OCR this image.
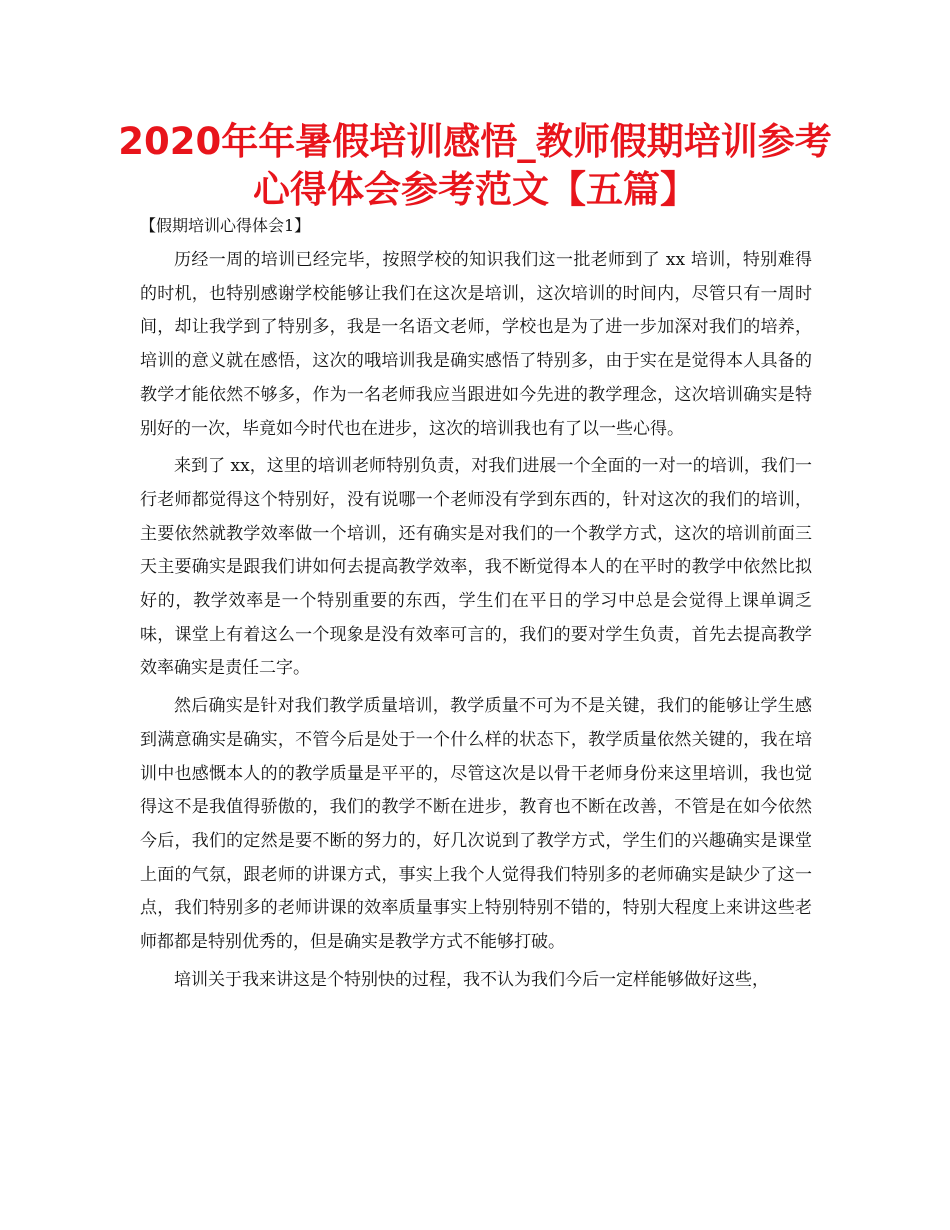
2020年年暑假培训感悟_教师假期培训参考心得体会参考范文【五篇】
【假期培训心得体会1】

历经一周的培训已经完毕，按照学校的知识我们这一批老师到了 xx 培训，特别难得的时机，也特别感谢学校能够让我们在这次是培训，这次培训的时间内，尽管只有一周时间，却让我学到了特别多，我是一名语文老师，学校也是为了进一步加深对我们的培养，培训的意义就在感悟，这次的哦培训我是确实感悟了特别多，由于实在是觉得本人具备的教学才能依然不够多，作为一名老师我应当跟进如今先进的教学理念，这次培训确实是特别好的一次，毕竟如今时代也在进步，这次的培训我也有了以一些心得。

来到了 xx，这里的培训老师特别负责，对我们进展一个全面的一对一的培训，我们一行老师都觉得这个特别好，没有说哪一个老师没有学到东西的，针对这次的我们的培训，主要依然就教学效率做一个培训，还有确实是对我们的一个教学方式，这次的培训前面三天主要确实是跟我们讲如何去提高教学效率，我不断觉得本人的在平时的教学中依然比拟好的，教学效率是一个特别重要的东西，学生们在平日的学习中总是会觉得上课单调乏味，课堂上有着这么一个现象是没有效率可言的，我们的要对学生负责，首先去提高教学效率确实是责任二字。

然后确实是针对我们教学质量培训，教学质量不可为不是关键，我们的能够让学生感到满意确实是确实，不管今后是处于一个什么样的状态下，教学质量依然关键的，我在培训中也感慨本人的的教学质量是平平的，尽管这次是以骨干老师身份来这里培训，我也觉得这不是我值得骄傲的，我们的教学不断在进步，教育也不断在改善，不管是在如今依然今后，我们的定然是要不断的努力的，好几次说到了教学方式，学生们的兴趣确实是课堂上面的气氛，跟老师的讲课方式，事实上我个人觉得我们特别多的老师确实是缺少了这一点，我们特别多的老师讲课的效率质量事实上特别特别不错的，特别大程度上来讲这些老师都都是特别优秀的，但是确实是教学方式不能够打破。

培训关于我来讲这是个特别快的过程，我不认为我们今后一定样能够做好这些，
